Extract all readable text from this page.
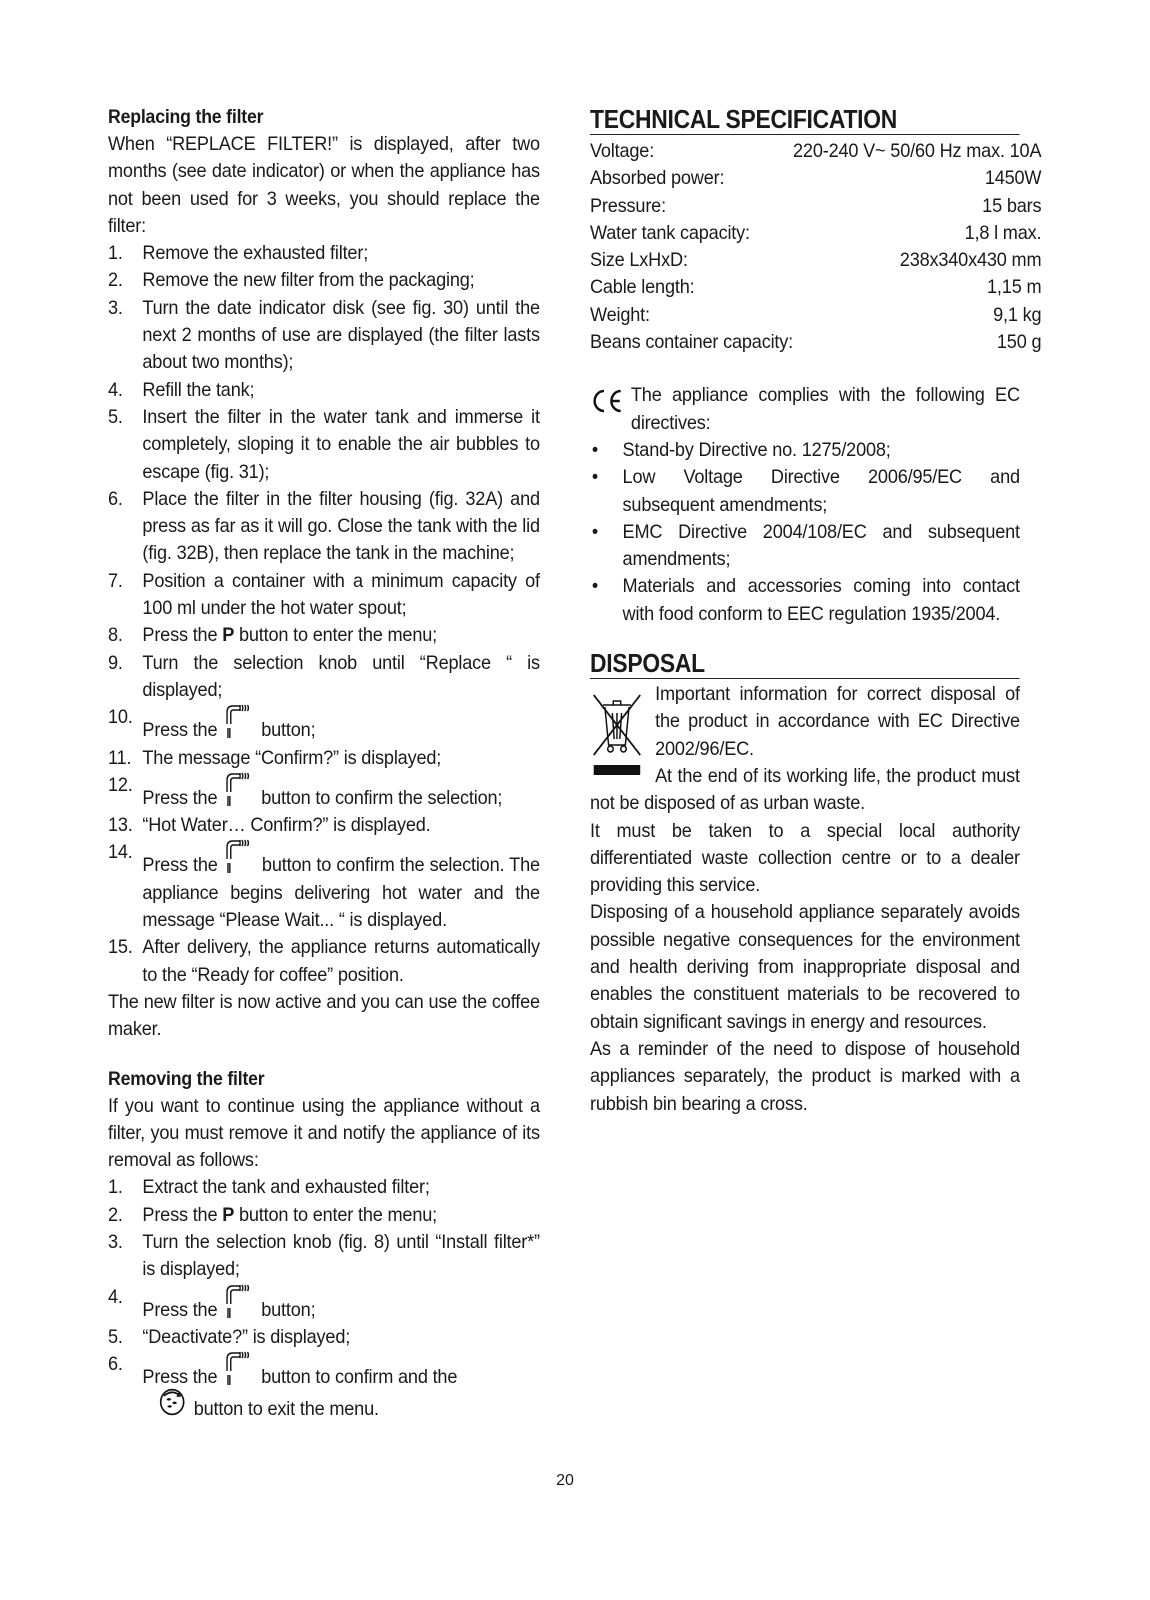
Replacing the filter

When “REPLACE FILTER!” is displayed, after two months (see date indicator) or when the appliance has not been used for 3 weeks, you should replace the filter:

1. Remove the exhausted filter;
2. Remove the new filter from the packaging;
3. Turn the date indicator disk (see fig. 30) until the next 2 months of use are displayed (the filter lasts about two months);
4. Refill the tank;
5. Insert the filter in the water tank and immerse it completely, sloping it to enable the air bubbles to escape (fig. 31);
6. Place the filter in the filter housing (fig. 32A) and press as far as it will go. Close the tank with the lid (fig. 32B), then replace the tank in the machine;
7. Position a container with a minimum capacity of 100 ml under the hot water spout;
8. Press the P button to enter the menu;
9. Turn the selection knob until “Replace “ is displayed;
10.
Press the button;
11. The message “Confirm?” is displayed;
12.
Press the button to confirm the selection;
13. “Hot Water… Confirm?” is displayed.
14.
Press the button to confirm the selection. The appliance begins delivering hot water and the message “Please Wait... “ is displayed.
15. After delivery, the appliance returns automatically to the “Ready for coffee” position.

The new filter is now active and you can use the coffee maker.

Removing the filter

If you want to continue using the appliance without a filter, you must remove it and notify the appliance of its removal as follows:

1. Extract the tank and exhausted filter;
2. Press the P button to enter the menu;
3. Turn the selection knob (fig. 8) until “Install filter*” is displayed;
4.
Press the button;
5. “Deactivate?” is displayed;
6.
Press the button to confirm and the
button to exit the menu.
TECHNICAL SPECIFICATION
Voltage:	220-240 V~ 50/60 Hz max. 10A
Absorbed power:	1450W
Pressure:	15 bars
Water tank capacity:	1,8 l max.
Size LxHxD:	238x340x430 mm
Cable length:	1,15 m
Weight:	9,1 kg
Beans container capacity:	150 g

The appliance complies with the following EC directives:

• Stand-by Directive no. 1275/2008;
• Low Voltage Directive 2006/95/EC and subsequent amendments;
• EMC Directive 2004/108/EC and subsequent amendments;
• Materials and accessories coming into contact with food conform to EEC regulation 1935/2004.
DISPOSAL

Important information for correct disposal of the product in accordance with EC Directive 2002/96/EC.

At the end of its working life, the product must not be disposed of as urban waste.

It must be taken to a special local authority differentiated waste collection centre or to a dealer providing this service.

Disposing of a household appliance separately avoids possible negative consequences for the environment and health deriving from inappropriate disposal and enables the constituent materials to be recovered to obtain significant savings in energy and resources.

As a reminder of the need to dispose of household appliances separately, the product is marked with a rubbish bin bearing a cross.

20
